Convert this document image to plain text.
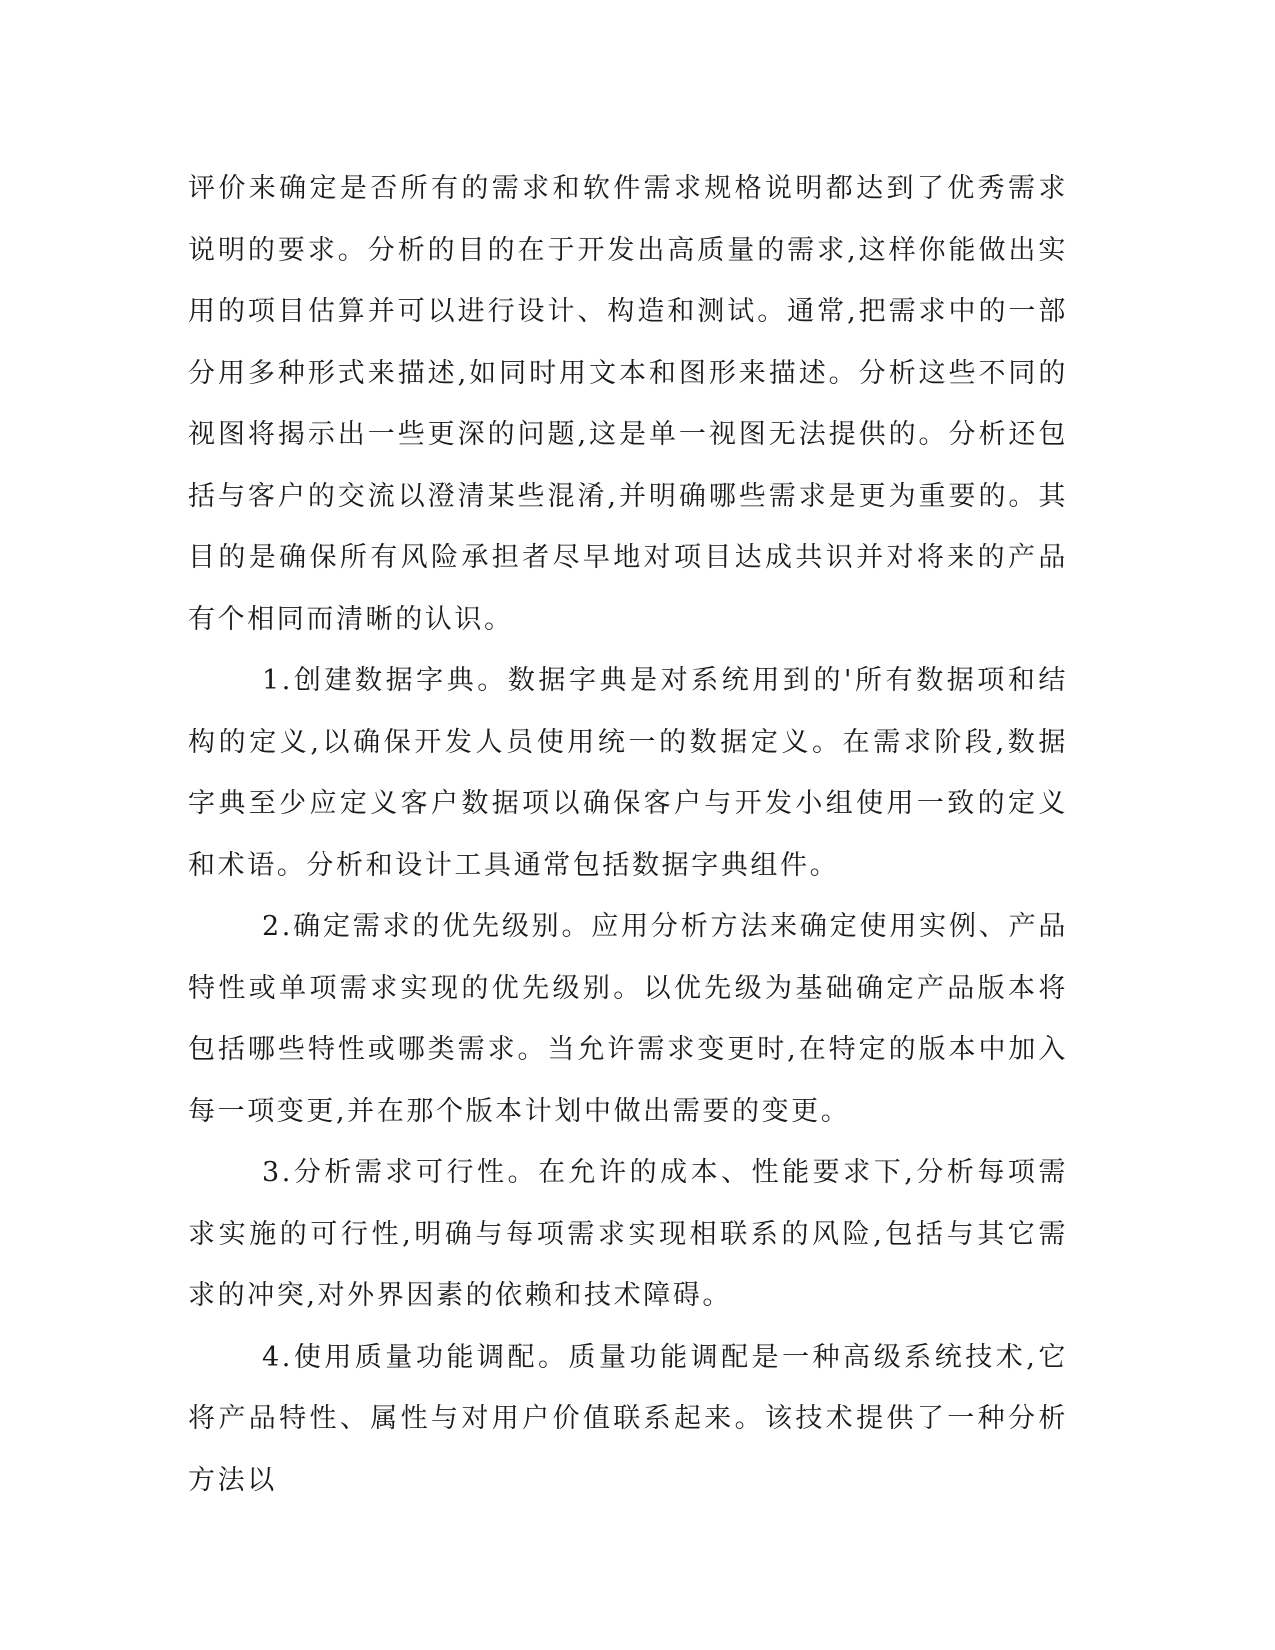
评价来确定是否所有的需求和软件需求规格说明都达到了优秀需求说明的要求。分析的目的在于开发出高质量的需求,这样你能做出实用的项目估算并可以进行设计、构造和测试。通常,把需求中的一部分用多种形式来描述,如同时用文本和图形来描述。分析这些不同的视图将揭示出一些更深的问题,这是单一视图无法提供的。分析还包括与客户的交流以澄清某些混淆,并明确哪些需求是更为重要的。其目的是确保所有风险承担者尽早地对项目达成共识并对将来的产品有个相同而清晰的认识。

1.创建数据字典。数据字典是对系统用到的'所有数据项和结构的定义,以确保开发人员使用统一的数据定义。在需求阶段,数据字典至少应定义客户数据项以确保客户与开发小组使用一致的定义和术语。分析和设计工具通常包括数据字典组件。

2.确定需求的优先级别。应用分析方法来确定使用实例、产品特性或单项需求实现的优先级别。以优先级为基础确定产品版本将包括哪些特性或哪类需求。当允许需求变更时,在特定的版本中加入每一项变更,并在那个版本计划中做出需要的变更。

3.分析需求可行性。在允许的成本、性能要求下,分析每项需求实施的可行性,明确与每项需求实现相联系的风险,包括与其它需求的冲突,对外界因素的依赖和技术障碍。

4.使用质量功能调配。质量功能调配是一种高级系统技术,它将产品特性、属性与对用户价值联系起来。该技术提供了一种分析方法以
